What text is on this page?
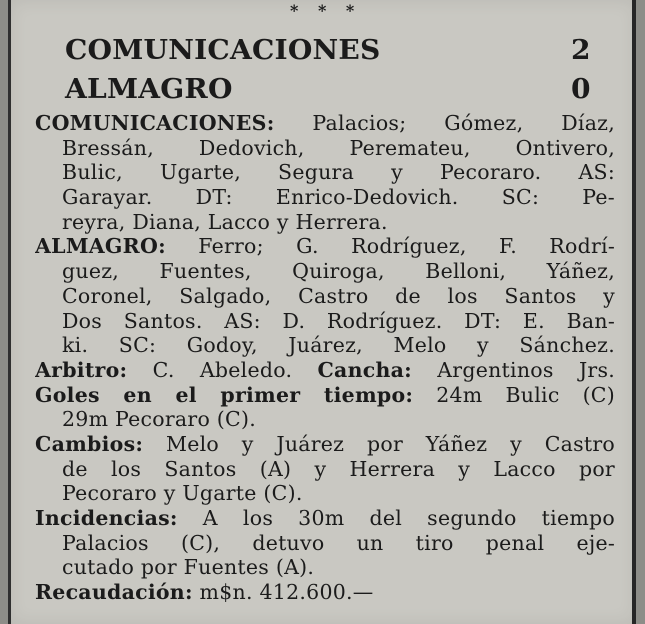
* * *
COMUNICACIONES	2
ALMAGRO	0
COMUNICACIONES: Palacios; Gómez, Díaz,
Bressán, Dedovich, Peremateu, Ontivero,
Bulic, Ugarte, Segura y Pecoraro. AS:
Garayar. DT: Enrico-Dedovich. SC: Pe-
reyra, Diana, Lacco y Herrera.
ALMAGRO: Ferro; G. Rodríguez, F. Rodrí-
guez, Fuentes, Quiroga, Belloni, Yáñez,
Coronel, Salgado, Castro de los Santos y
Dos Santos. AS: D. Rodríguez. DT: E. Ban-
ki. SC: Godoy, Juárez, Melo y Sánchez.
Arbitro: C. Abeledo. Cancha: Argentinos Jrs.
Goles en el primer tiempo: 24m Bulic (C)
29m Pecoraro (C).
Cambios: Melo y Juárez por Yáñez y Castro
de los Santos (A) y Herrera y Lacco por
Pecoraro y Ugarte (C).
Incidencias: A los 30m del segundo tiempo
Palacios (C), detuvo un tiro penal eje-
cutado por Fuentes (A).
Recaudación: m$n. 412.600.—
